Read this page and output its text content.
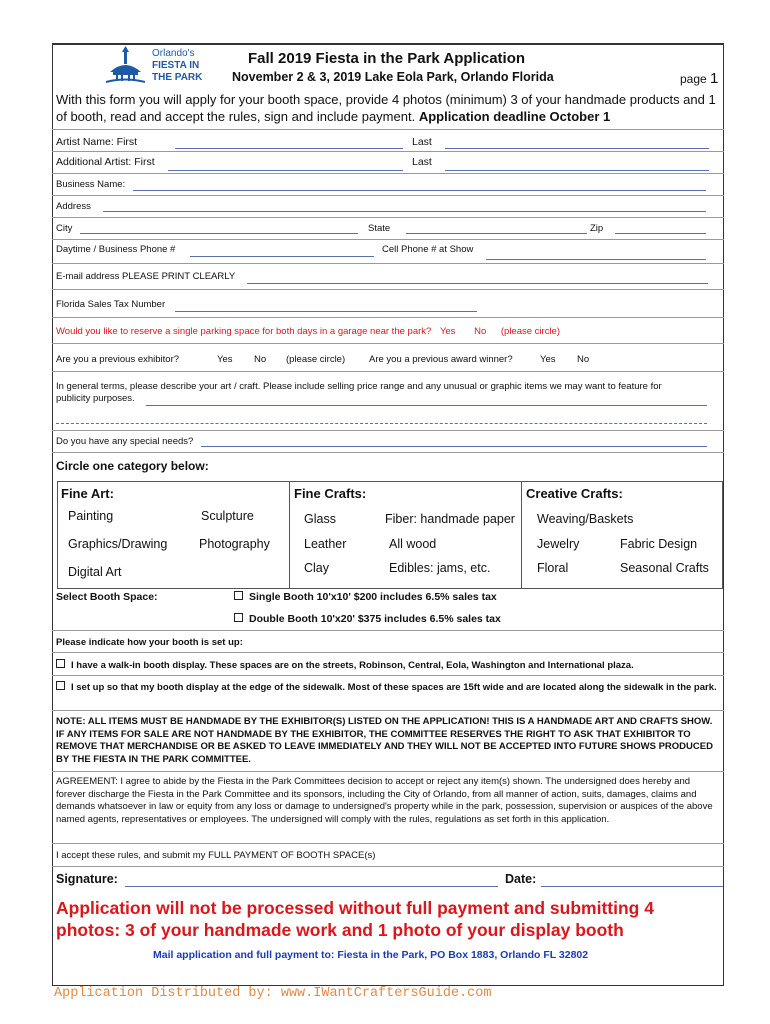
Orlando's
FIESTA IN
THE PARK
Fall 2019 Fiesta in the Park Application
November 2 & 3, 2019 Lake Eola Park, Orlando Florida	page 1
With this form you will apply for your booth space, provide 4 photos (minimum) 3 of your handmade products and 1 of booth, read and accept the rules, sign and include payment. Application deadline October 1
Artist Name: First	Last
Additional Artist: First	Last
Business Name:
Address
City	State	Zip
Daytime / Business Phone #	Cell Phone # at Show
E-mail address PLEASE PRINT CLEARLY
Florida Sales Tax Number
Would you like to reserve a single parking space for both days in a garage near the park? Yes No (please circle)
Are you a previous exhibitor?	Yes No (please circle)	Are you a previous award winner?	Yes No
In general terms, please describe your art / craft. Please include selling price range and any unusual or graphic items we may want to feature for
publicity purposes.
Do you have any special needs?
Circle one category below:
Fine Art:
Painting	Sculpture
Graphics/Drawing	Photography
Digital Art
Fine Crafts:
Glass	Fiber: handmade paper
Leather	All wood
Clay	Edibles: jams, etc.
Creative Crafts:
Weaving/Baskets
Jewelry	Fabric Design
Floral	Seasonal Crafts
Select Booth Space:	Single Booth 10'x10' $200 includes 6.5% sales tax
Double Booth 10'x20' $375 includes 6.5% sales tax
Please indicate how your booth is set up:
I have a walk-in booth display. These spaces are on the streets, Robinson, Central, Eola, Washington and International plaza.
I set up so that my booth display at the edge of the sidewalk. Most of these spaces are 15ft wide and are located along the sidewalk in the park.
NOTE: ALL ITEMS MUST BE HANDMADE BY THE EXHIBITOR(S) LISTED ON THE APPLICATION! THIS IS A HANDMADE ART AND CRAFTS SHOW. IF ANY ITEMS FOR SALE ARE NOT HANDMADE BY THE EXHIBITOR, THE COMMITTEE RESERVES THE RIGHT TO ASK THAT EXHIBITOR TO REMOVE THAT MERCHANDISE OR BE ASKED TO LEAVE IMMEDIATELY AND THEY WILL NOT BE ACCEPTED INTO FUTURE SHOWS PRODUCED BY THE FIESTA IN THE PARK COMMITTEE.
AGREEMENT: I agree to abide by the Fiesta in the Park Committees decision to accept or reject any item(s) shown. The undersigned does hereby and forever discharge the Fiesta in the Park Committee and its sponsors, including the City of Orlando, from all manner of action, suits, damages, claims and demands whatsoever in law or equity from any loss or damage to undersigned's property while in the park, possession, supervision or auspices of the above named agents, representatives or employees. The undersigned will comply with the rules, regulations as set forth in this application.
I accept these rules, and submit my FULL PAYMENT OF BOOTH SPACE(s)
Signature:	Date:
Application will not be processed without full payment and submitting 4 photos: 3 of your handmade work and 1 photo of your display booth
Mail application and full payment to: Fiesta in the Park, PO Box 1883, Orlando FL 32802
Application Distributed by: www.IWantCraftersGuide.com
